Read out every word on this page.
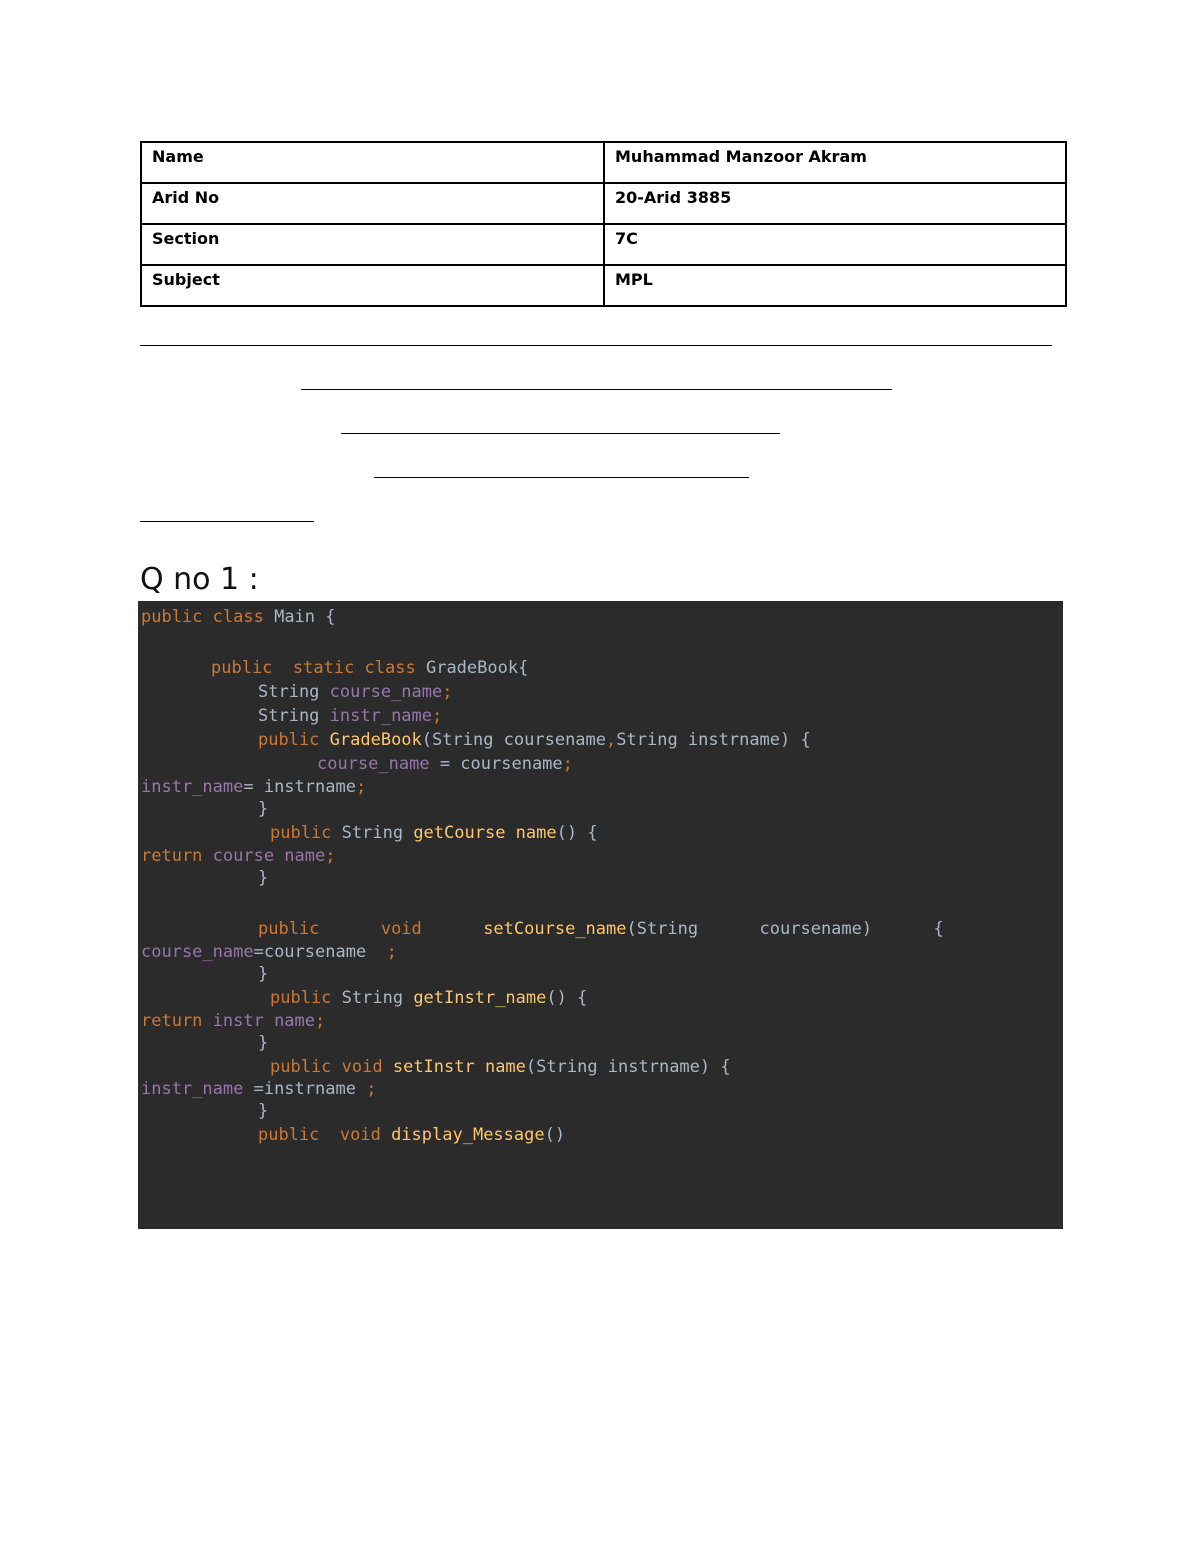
Name	Muhammad Manzoor Akram
Arid No	20-Arid 3885
Section	7C
Subject	MPL
Q no 1 :
public class Main {
public  static class GradeBook{
String course_name;
String instr_name;
public GradeBook(String coursename,String instrname) {
course_name = coursename;
instr_name= instrname;
}
public String getCourse name() {
return course name;
}
public      void      setCourse_name(String      coursename)      {
course_name=coursename  ;
}
public String getInstr_name() {
return instr name;
}
public void setInstr name(String instrname) {
instr_name =instrname ;
}
public  void display_Message()
